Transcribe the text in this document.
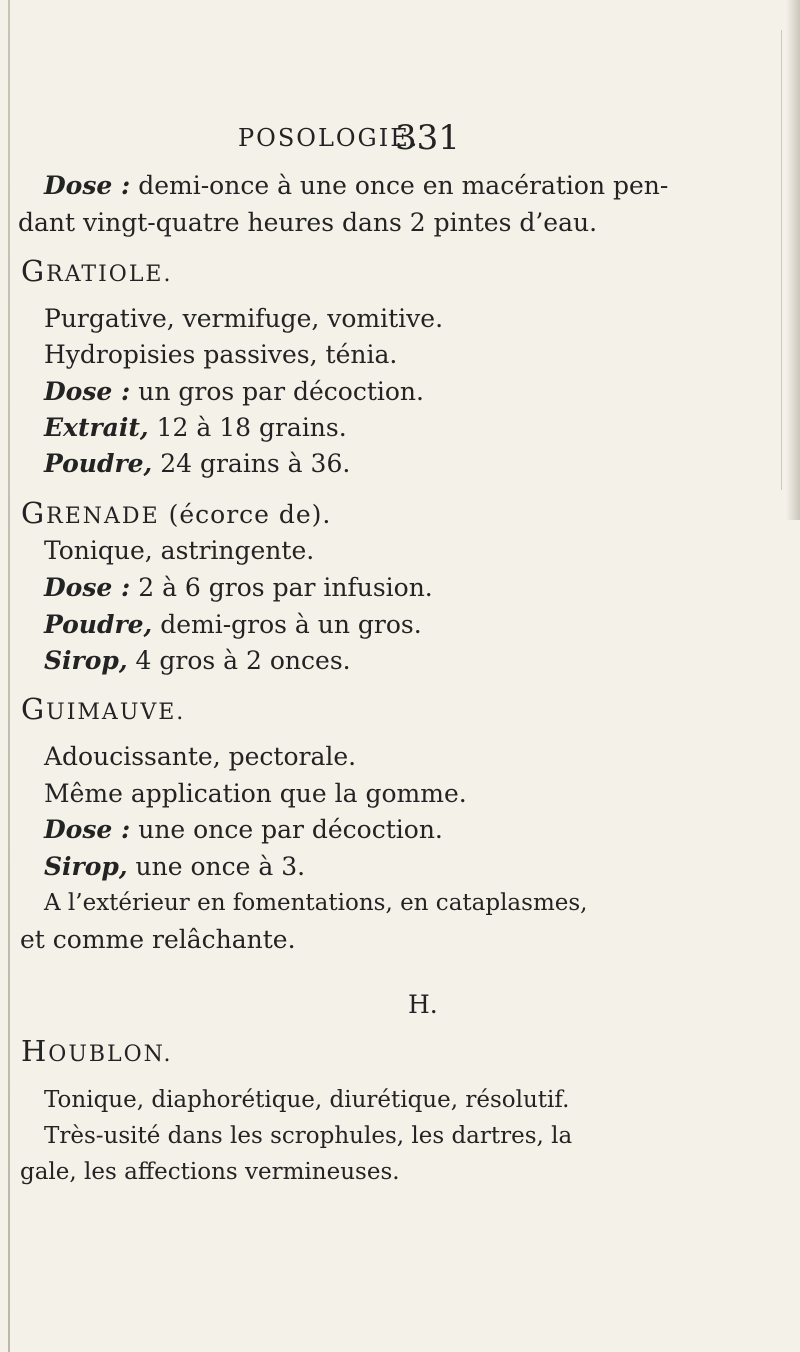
POSOLOGIE.
331
Dose : demi-once à une once en macération pen-
dant vingt-quatre heures dans 2 pintes d’eau.
GRATIOLE.
Purgative, vermifuge, vomitive.
Hydropisies passives, ténia.
Dose : un gros par décoction.
Extrait, 12 à 18 grains.
Poudre, 24 grains à 36.
GRENADE (écorce de).
Tonique, astringente.
Dose : 2 à 6 gros par infusion.
Poudre, demi-gros à un gros.
Sirop, 4 gros à 2 onces.
GUIMAUVE.
Adoucissante, pectorale.
Même application que la gomme.
Dose : une once par décoction.
Sirop, une once à 3.
A l’extérieur en fomentations, en cataplasmes,
et comme relâchante.
H.
HOUBLON.
Tonique, diaphorétique, diurétique, résolutif.
Très-usité dans les scrophules, les dartres, la
gale, les affections vermineuses.
